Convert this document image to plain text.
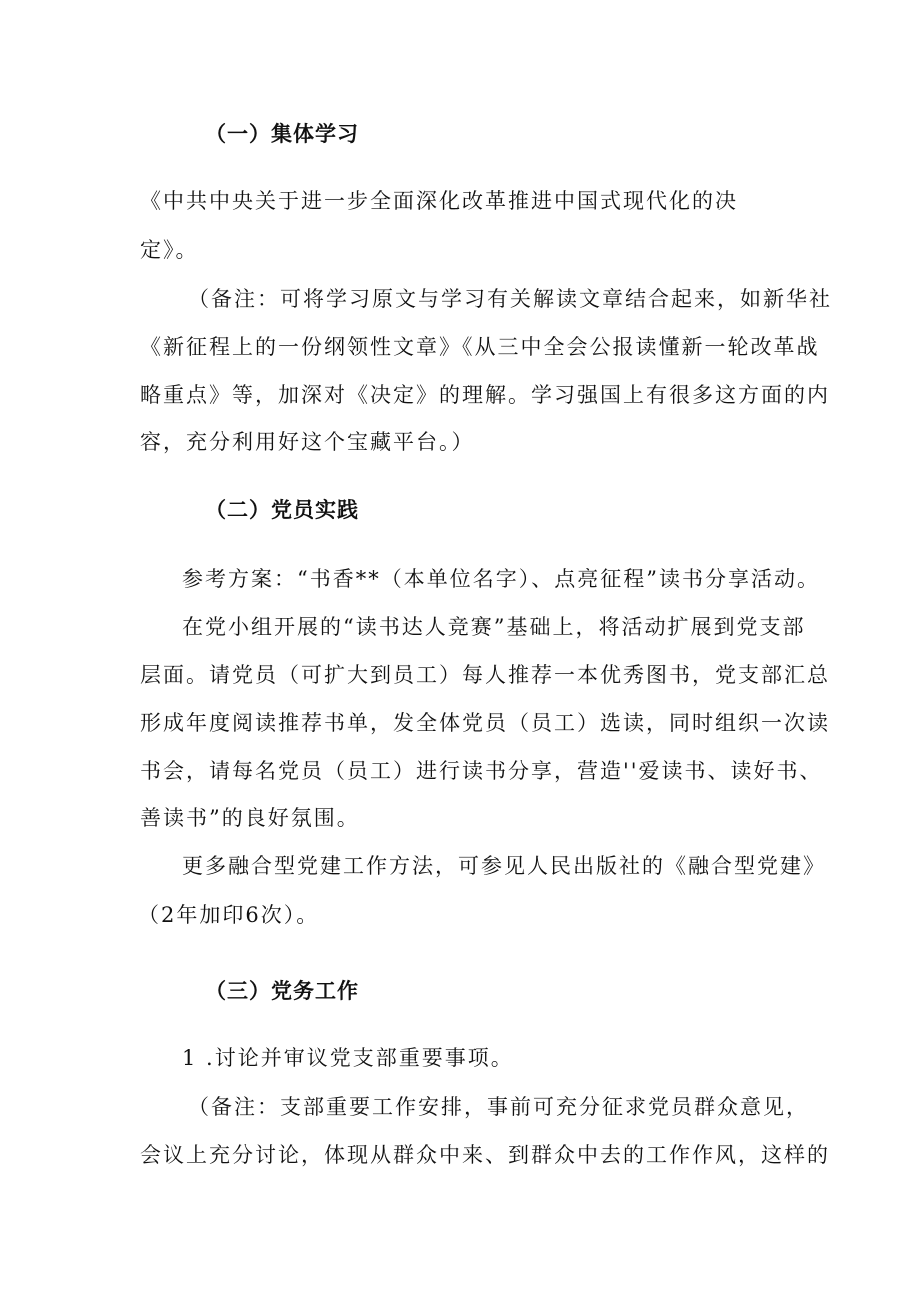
（一）集体学习
《中共中央关于进一步全面深化改革推进中国式现代化的决
定》。
（备注：可将学习原文与学习有关解读文章结合起来，如新华社
《新征程上的一份纲领性文章》《从三中全会公报读懂新一轮改革战
略重点》等，加深对《决定》的理解。学习强国上有很多这方面的内
容，充分利用好这个宝藏平台。）
（二）党员实践
参考方案：“书香**（本单位名字）、点亮征程”读书分享活动。
在党小组开展的“读书达人竞赛”基础上，将活动扩展到党支部
层面。请党员（可扩大到员工）每人推荐一本优秀图书，党支部汇总
形成年度阅读推荐书单，发全体党员（员工）选读，同时组织一次读
书会，请每名党员（员工）进行读书分享，营造''爱读书、读好书、
善读书”的良好氛围。
更多融合型党建工作方法，可参见人民出版社的《融合型党建》
（2年加印6次）。
（三）党务工作
1 .讨论并审议党支部重要事项。
（备注：支部重要工作安排，事前可充分征求党员群众意见，
会议上充分讨论，体现从群众中来、到群众中去的工作作风，这样的
